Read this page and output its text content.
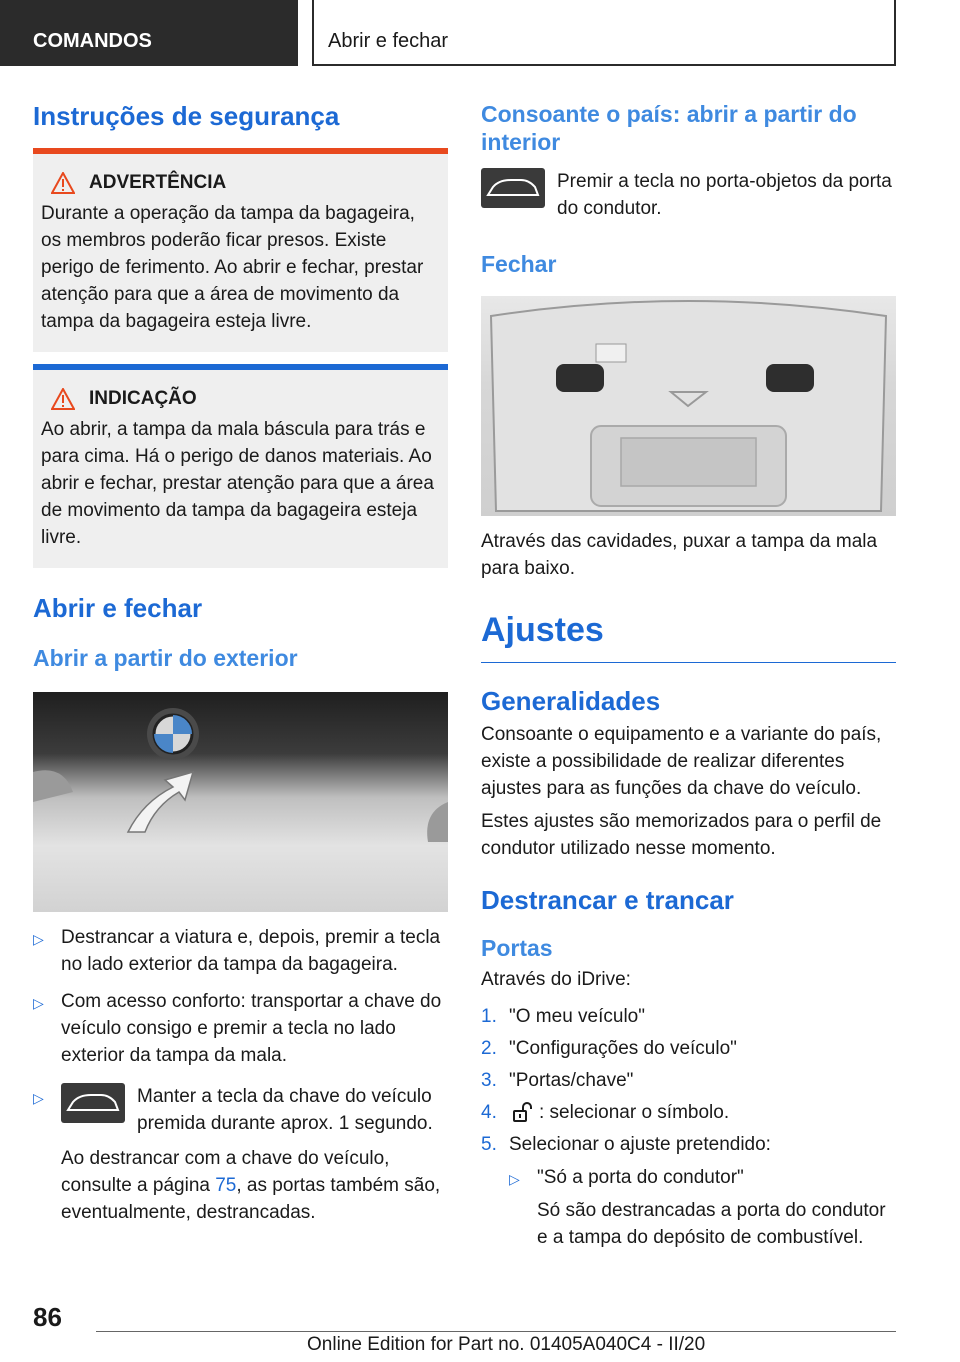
COMANDOS	Abrir e fechar
Instruções de segurança
ADVERTÊNCIA
Durante a operação da tampa da bagageira, os membros poderão ficar presos. Existe perigo de ferimento. Ao abrir e fechar, prestar atenção para que a área de movimento da tampa da bagageira esteja livre.
INDICAÇÃO
Ao abrir, a tampa da mala báscula para trás e para cima. Há o perigo de danos materiais. Ao abrir e fechar, prestar atenção para que a área de movimento da tampa da bagageira esteja livre.
Abrir e fechar
Abrir a partir do exterior
▷ Destrancar a viatura e, depois, premir a tecla no lado exterior da tampa da bagageira.
▷ Com acesso conforto: transportar a chave do veículo consigo e premir a tecla no lado exterior da tampa da mala.
▷	Manter a tecla da chave do veículo premida durante aprox. 1 segundo.
Ao destrancar com a chave do veículo, consulte a página 75, as portas também são, eventualmente, destrancadas.
Consoante o país: abrir a partir do interior
Premir a tecla no porta-objetos da porta do condutor.
Fechar
Através das cavidades, puxar a tampa da mala para baixo.
Ajustes
Generalidades
Consoante o equipamento e a variante do país, existe a possibilidade de realizar diferentes ajustes para as funções da chave do veículo.
Estes ajustes são memorizados para o perfil de condutor utilizado nesse momento.
Destrancar e trancar
Portas
Através do iDrive:
1. "O meu veículo"
2. "Configurações do veículo"
3. "Portas/chave"
4.	: selecionar o símbolo.
5. Selecionar o ajuste pretendido:
▷ "Só a porta do condutor"
Só são destrancadas a porta do condutor e a tampa do depósito de combustível.
86
Online Edition for Part no. 01405A040C4 - II/20
